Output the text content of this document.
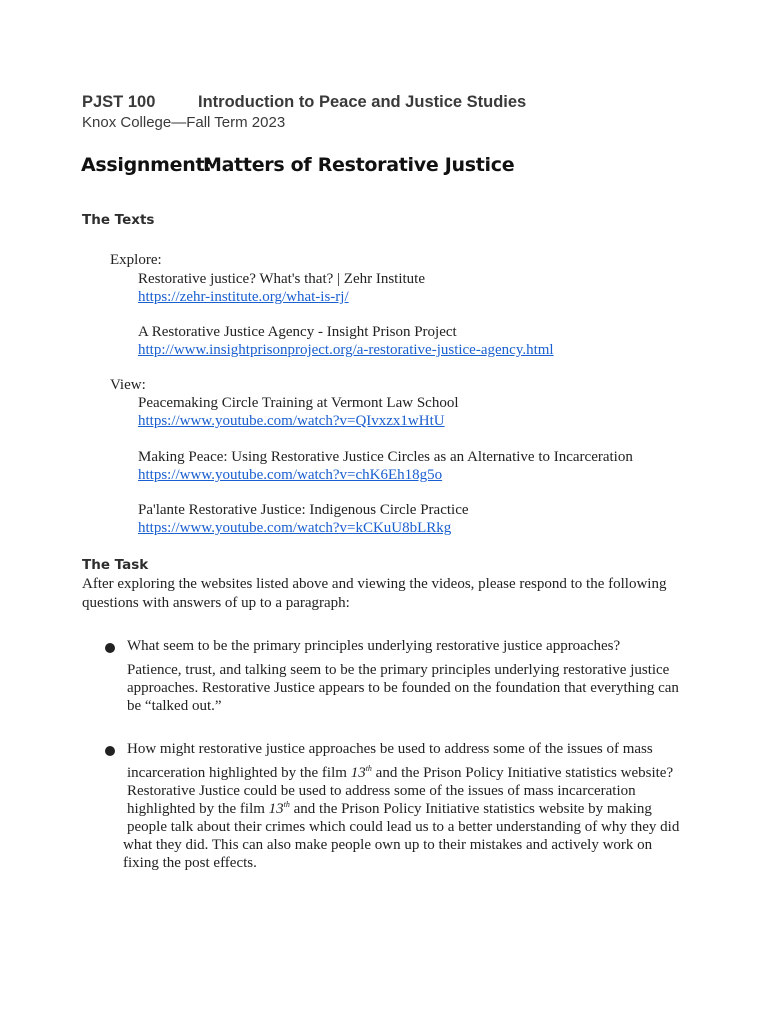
PJST 100	Introduction to Peace and Justice Studies
Knox College—Fall Term 2023
Assignment:Matters of Restorative Justice
The Texts
Explore:
Restorative justice? What's that? | Zehr Institute
https://zehr-institute.org/what-is-rj/
A Restorative Justice Agency - Insight Prison Project
http://www.insightprisonproject.org/a-restorative-justice-agency.html
View:
Peacemaking Circle Training at Vermont Law School
https://www.youtube.com/watch?v=QIvxzx1wHtU
Making Peace: Using Restorative Justice Circles as an Alternative to Incarceration
https://www.youtube.com/watch?v=chK6Eh18g5o
Pa'lante Restorative Justice: Indigenous Circle Practice
https://www.youtube.com/watch?v=kCKuU8bLRkg
The Task
After exploring the websites listed above and viewing the videos, please respond to the following
questions with answers of up to a paragraph:
What seem to be the primary principles underlying restorative justice approaches?
Patience, trust, and talking seem to be the primary principles underlying restorative justice
approaches. Restorative Justice appears to be founded on the foundation that everything can
be “talked out.”
How might restorative justice approaches be used to address some of the issues of mass
incarceration highlighted by the film 13th and the Prison Policy Initiative statistics website?
Restorative Justice could be used to address some of the issues of mass incarceration
highlighted by the film 13th and the Prison Policy Initiative statistics website by making
people talk about their crimes which could lead us to a better understanding of why they did
what they did. This can also make people own up to their mistakes and actively work on
fixing the post effects.
